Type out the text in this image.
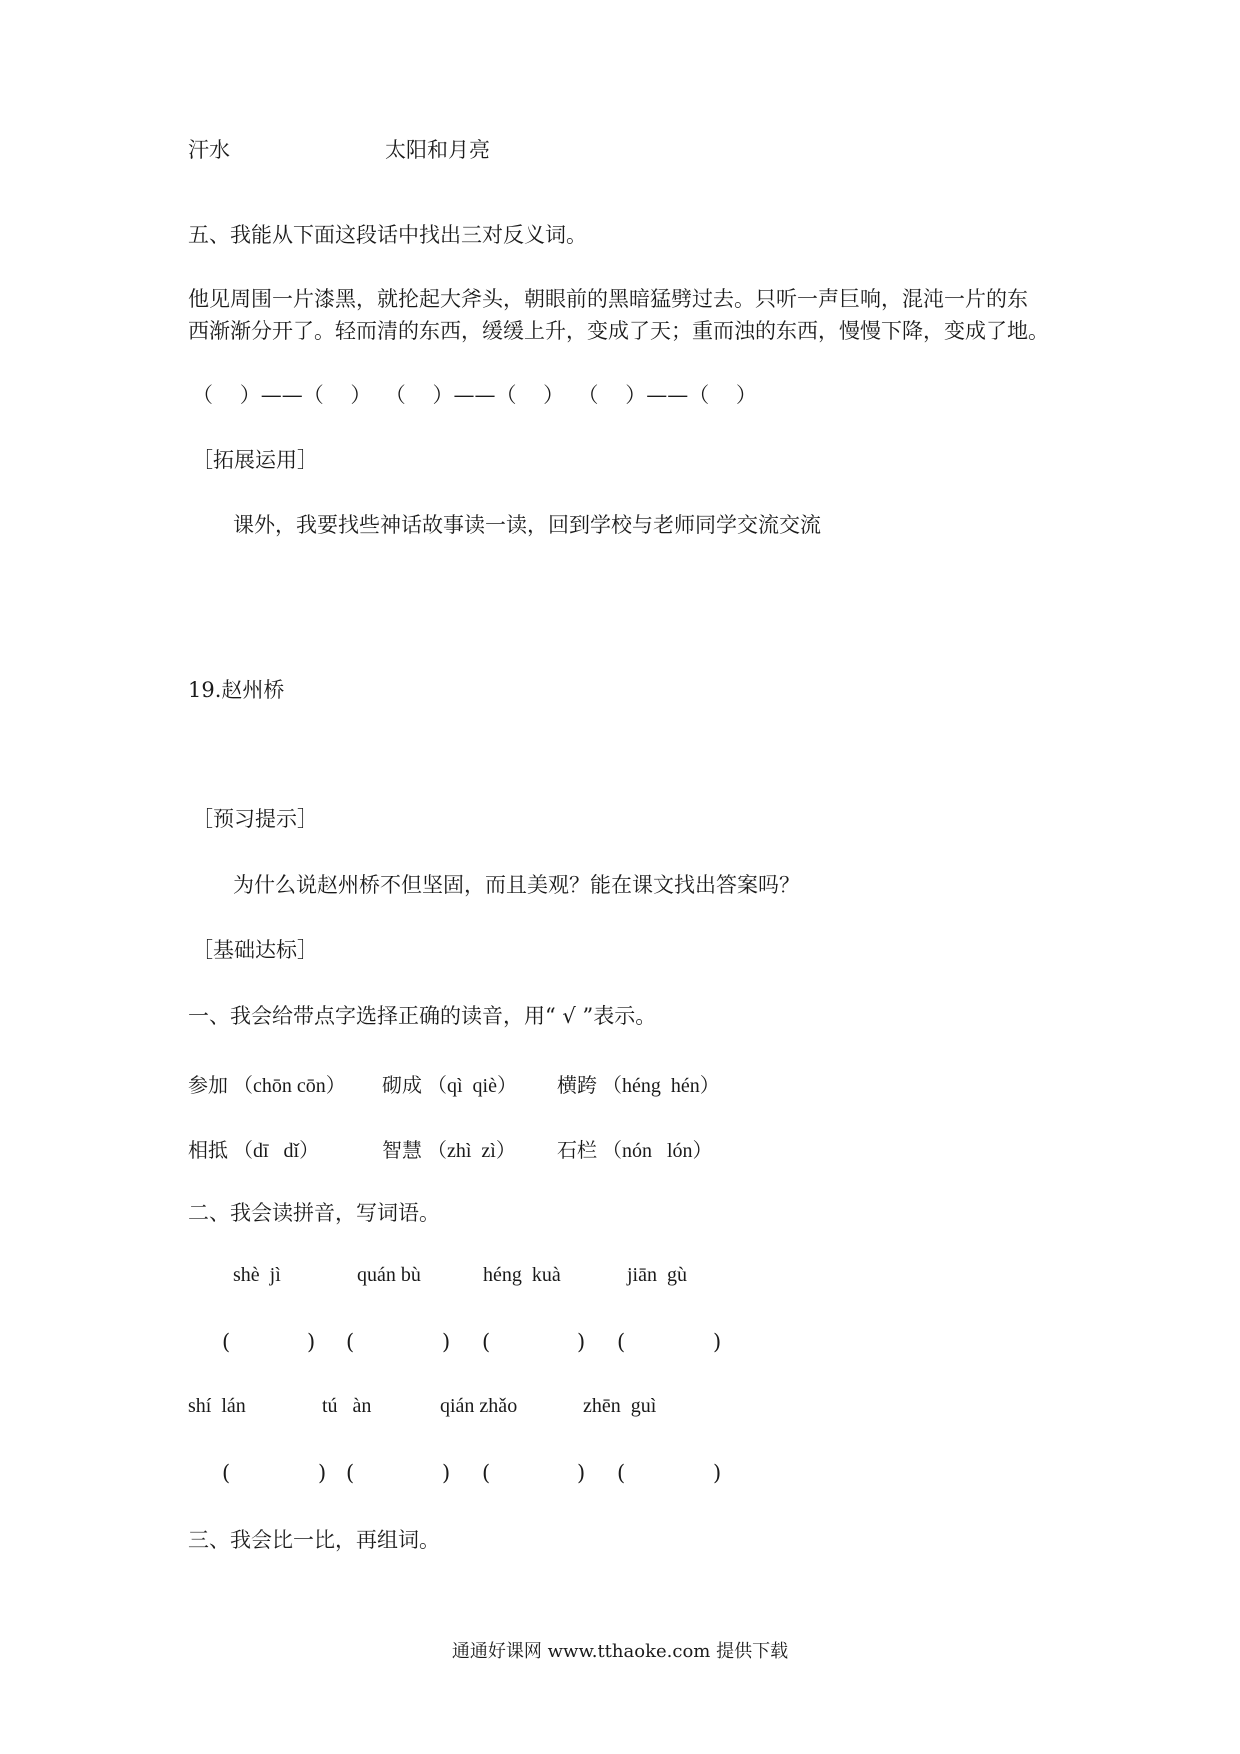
汗水	太阳和月亮
五、我能从下面这段话中找出三对反义词。
他见周围一片漆黑，就抡起大斧头，朝眼前的黑暗猛劈过去。只听一声巨响，混沌一片的东
西渐渐分开了。轻而清的东西，缓缓上升，变成了天；重而浊的东西，慢慢下降，变成了地。
（    ）——（    ）  （    ）——（    ）  （    ）——（    ）
［拓展运用］
课外，我要找些神话故事读一读，回到学校与老师同学交流交流
19.赵州桥
［预习提示］
为什么说赵州桥不但坚固，而且美观？能在课文找出答案吗？
［基础达标］
一、我会给带点字选择正确的读音，用“ √ ”表示。
参加 （chōn cōn） 砌成 （qì  qiè） 横跨 （héng  hén）
相抵 （dī   dǐ）	智慧 （zhì  zì） 石栏 （nón   lón）
二、我会读拼音，写词语。
shè  jì	quán bù	héng  kuà	jiān  gù
(	) (	) (	) (	)
shí  lán	tú   àn	qián zhǎo	zhēn  guì
(	) (	) (	) (	)
三、我会比一比，再组词。
通通好课网 www.tthaoke.com 提供下载
